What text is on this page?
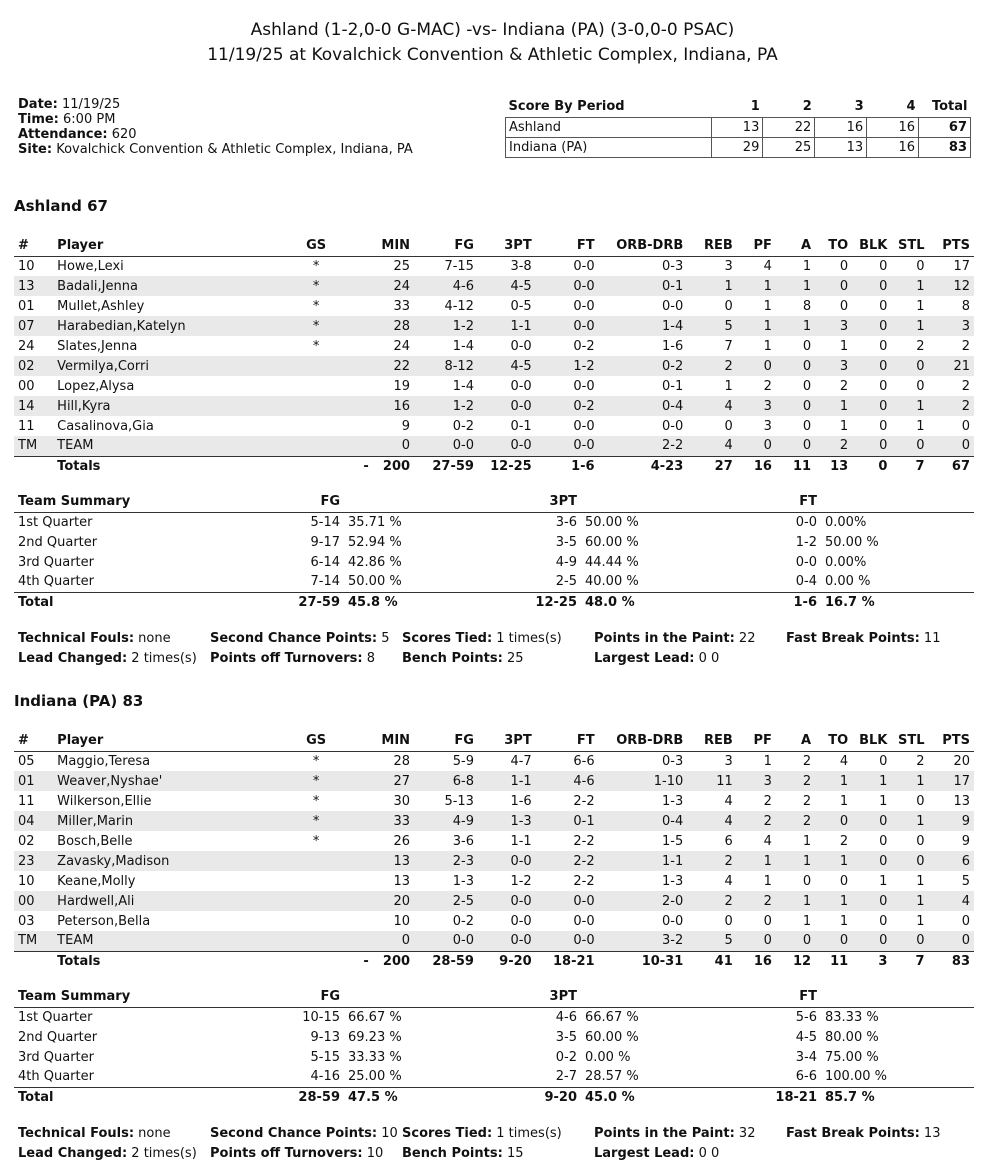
Ashland (1-2,0-0 G-MAC) -vs- Indiana (PA) (3-0,0-0 PSAC)
11/19/25 at Kovalchick Convention & Athletic Complex, Indiana, PA
Date: 11/19/25
Time: 6:00 PM
Attendance: 620
Site: Kovalchick Convention & Athletic Complex, Indiana, PA
Score By Period	1	2	3	4	Total
Ashland	13	22	16	16	67
Indiana (PA)	29	25	13	16	83
Ashland 67
#	Player	GS	MIN	FG	3PT	FT	ORB-DRB	REB	PF	A	TO	BLK	STL	PTS
10	Howe,Lexi	*	25	7-15	3-8	0-0	0-3	3	4	1	0	0	0	17
13	Badali,Jenna	*	24	4-6	4-5	0-0	0-1	1	1	1	0	0	1	12
01	Mullet,Ashley	*	33	4-12	0-5	0-0	0-0	0	1	8	0	0	1	8
07	Harabedian,Katelyn	*	28	1-2	1-1	0-0	1-4	5	1	1	3	0	1	3
24	Slates,Jenna	*	24	1-4	0-0	0-2	1-6	7	1	0	1	0	2	2
02	Vermilya,Corri		22	8-12	4-5	1-2	0-2	2	0	0	3	0	0	21
00	Lopez,Alysa		19	1-4	0-0	0-0	0-1	1	2	0	2	0	0	2
14	Hill,Kyra		16	1-2	0-0	0-2	0-4	4	3	0	1	0	1	2
11	Casalinova,Gia		9	0-2	0-1	0-0	0-0	0	3	0	1	0	1	0
TM	TEAM		0	0-0	0-0	0-0	2-2	4	0	0	2	0	0	0
	Totals	-	200	27-59	12-25	1-6	4-23	27	16	11	13	0	7	67
Team Summary	FG		3PT		FT	
1st Quarter	5-14	35.71 %	3-6	50.00 %	0-0	0.00%
2nd Quarter	9-17	52.94 %	3-5	60.00 %	1-2	50.00 %
3rd Quarter	6-14	42.86 %	4-9	44.44 %	0-0	0.00%
4th Quarter	7-14	50.00 %	2-5	40.00 %	0-4	0.00 %
Total	27-59	45.8 %	12-25	48.0 %	1-6	16.7 %
Technical Fouls: none
Lead Changed: 2 times(s)
Second Chance Points: 5
Points off Turnovers: 8
Scores Tied: 1 times(s)
Bench Points: 25
Points in the Paint: 22
Largest Lead: 0 0
Fast Break Points: 11
Indiana (PA) 83
#	Player	GS	MIN	FG	3PT	FT	ORB-DRB	REB	PF	A	TO	BLK	STL	PTS
05	Maggio,Teresa	*	28	5-9	4-7	6-6	0-3	3	1	2	4	0	2	20
01	Weaver,Nyshae'	*	27	6-8	1-1	4-6	1-10	11	3	2	1	1	1	17
11	Wilkerson,Ellie	*	30	5-13	1-6	2-2	1-3	4	2	2	1	1	0	13
04	Miller,Marin	*	33	4-9	1-3	0-1	0-4	4	2	2	0	0	1	9
02	Bosch,Belle	*	26	3-6	1-1	2-2	1-5	6	4	1	2	0	0	9
23	Zavasky,Madison		13	2-3	0-0	2-2	1-1	2	1	1	1	0	0	6
10	Keane,Molly		13	1-3	1-2	2-2	1-3	4	1	0	0	1	1	5
00	Hardwell,Ali		20	2-5	0-0	0-0	2-0	2	2	1	1	0	1	4
03	Peterson,Bella		10	0-2	0-0	0-0	0-0	0	0	1	1	0	1	0
TM	TEAM		0	0-0	0-0	0-0	3-2	5	0	0	0	0	0	0
	Totals	-	200	28-59	9-20	18-21	10-31	41	16	12	11	3	7	83
Team Summary	FG		3PT		FT	
1st Quarter	10-15	66.67 %	4-6	66.67 %	5-6	83.33 %
2nd Quarter	9-13	69.23 %	3-5	60.00 %	4-5	80.00 %
3rd Quarter	5-15	33.33 %	0-2	0.00 %	3-4	75.00 %
4th Quarter	4-16	25.00 %	2-7	28.57 %	6-6	100.00 %
Total	28-59	47.5 %	9-20	45.0 %	18-21	85.7 %
Technical Fouls: none
Lead Changed: 2 times(s)
Second Chance Points: 10
Points off Turnovers: 10
Scores Tied: 1 times(s)
Bench Points: 15
Points in the Paint: 32
Largest Lead: 0 0
Fast Break Points: 13
